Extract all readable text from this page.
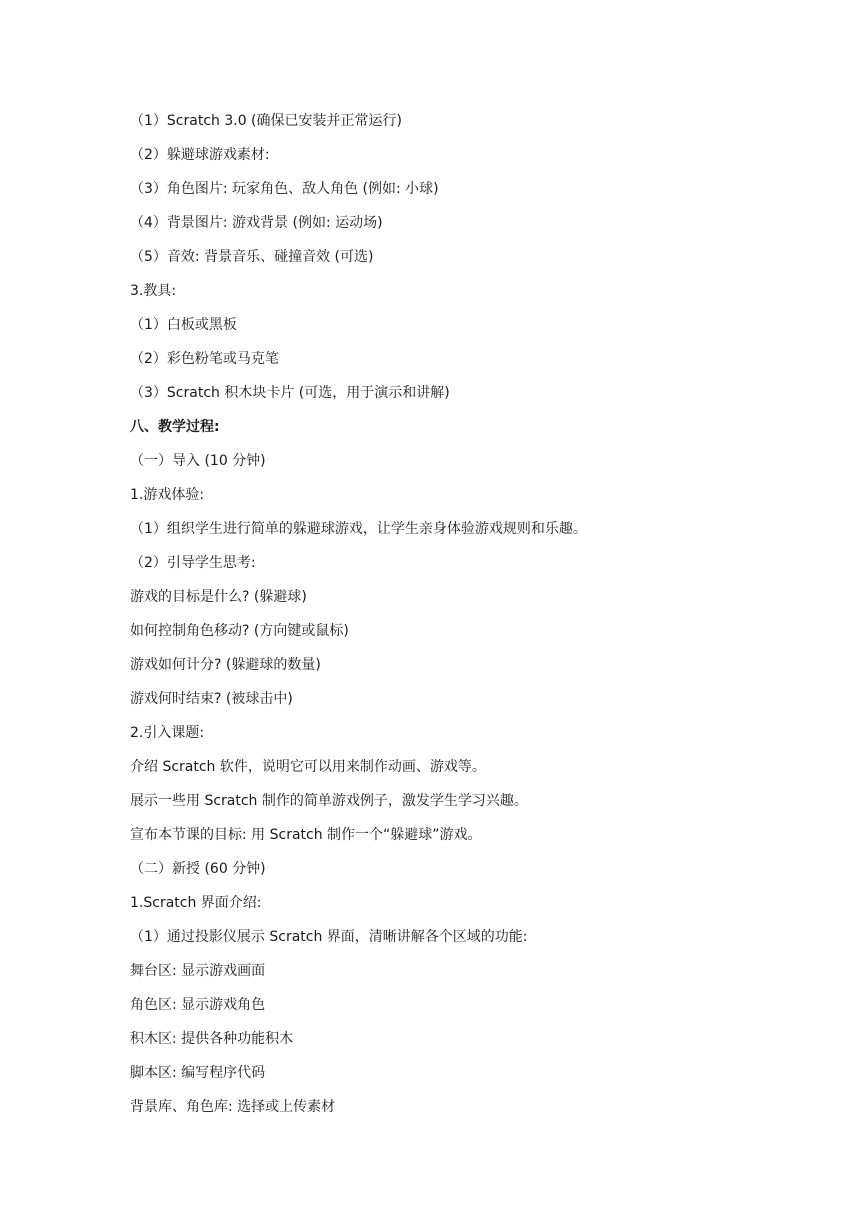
（1）Scratch 3.0 (确保已安装并正常运行)

（2）躲避球游戏素材:

（3）角色图片: 玩家角色、敌人角色 (例如: 小球)

（4）背景图片: 游戏背景 (例如: 运动场)

（5）音效: 背景音乐、碰撞音效 (可选)

3.教具:

（1）白板或黑板

（2）彩色粉笔或马克笔

（3）Scratch 积木块卡片 (可选，用于演示和讲解)

八、教学过程:

（一）导入 (10 分钟)

1.游戏体验:

（1）组织学生进行简单的躲避球游戏，让学生亲身体验游戏规则和乐趣。

（2）引导学生思考:

游戏的目标是什么? (躲避球)

如何控制角色移动? (方向键或鼠标)

游戏如何计分? (躲避球的数量)

游戏何时结束? (被球击中)

2.引入课题:

介绍 Scratch 软件，说明它可以用来制作动画、游戏等。

展示一些用 Scratch 制作的简单游戏例子，激发学生学习兴趣。

宣布本节课的目标: 用 Scratch 制作一个“躲避球”游戏。

（二）新授 (60 分钟)

1.Scratch 界面介绍:

（1）通过投影仪展示 Scratch 界面，清晰讲解各个区域的功能:

舞台区: 显示游戏画面

角色区: 显示游戏角色

积木区: 提供各种功能积木

脚本区: 编写程序代码

背景库、角色库: 选择或上传素材
